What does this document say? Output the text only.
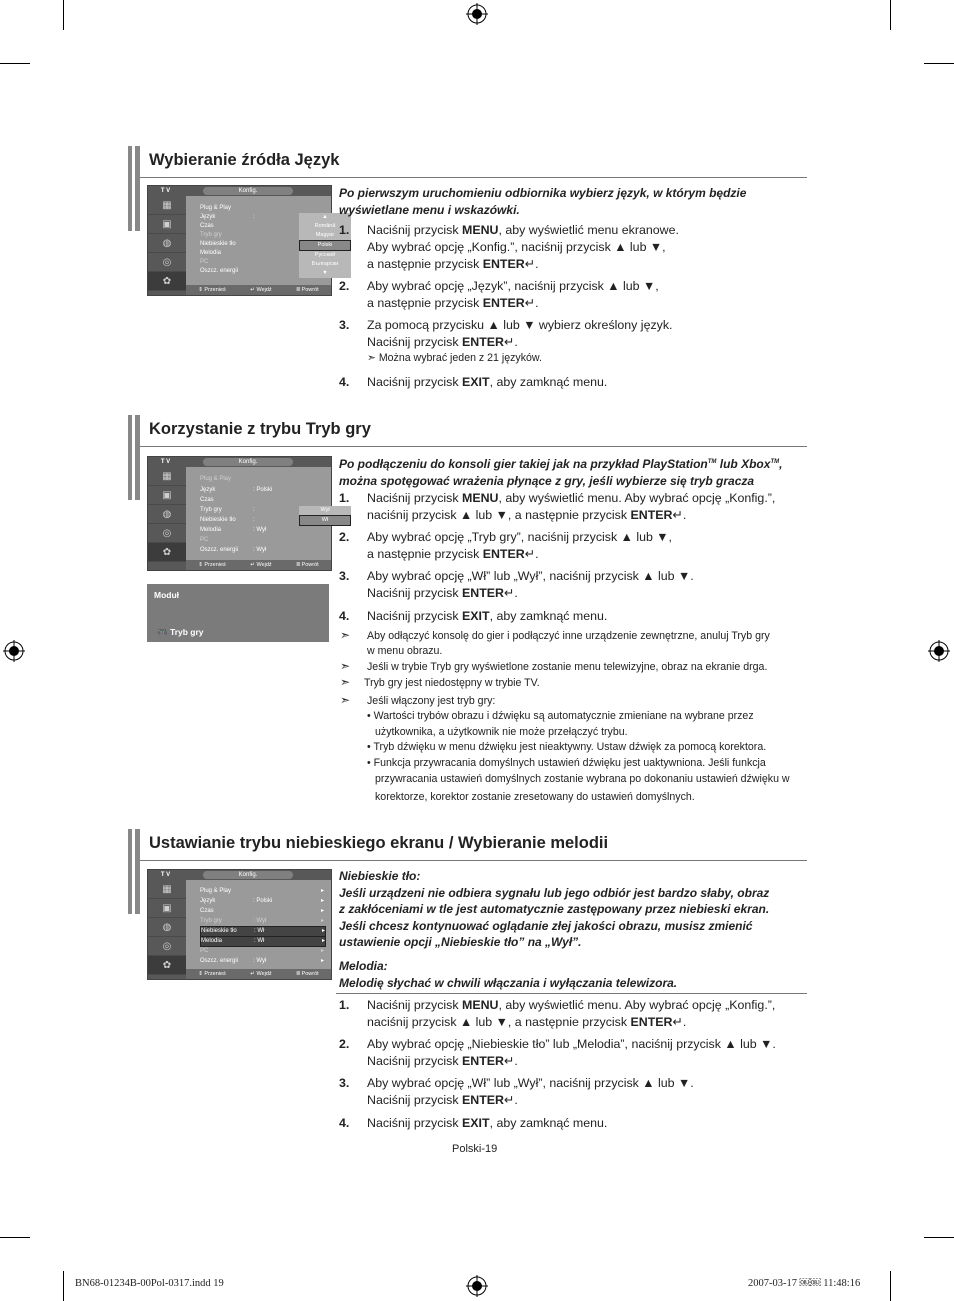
Wybieranie źródła Język
T V	Konfig.
▦
▣
◍
◎
✿
Plug & Play
Język	:
Czas
Tryb gry
Niebieskie tło
Melodia
PC
Oszcz. energii
▲
Română
Magyar
Polski
Русский
Български
▼
⇕ Przenieś	↵ Wejdź	Ⅲ Powrót
Po pierwszym uruchomieniu odbiornika wybierz język, w którym będzie
wyświetlane menu i wskazówki.
1. Naciśnij przycisk MENU, aby wyświetlić menu ekranowe.
Aby wybrać opcję „Konfig.”, naciśnij przycisk ▲ lub ▼,
a następnie przycisk ENTER↵.
2. Aby wybrać opcję „Język”, naciśnij przycisk ▲ lub ▼,
a następnie przycisk ENTER↵.
3. Za pomocą przycisku ▲ lub ▼ wybierz określony język.
Naciśnij przycisk ENTER↵.
➣ Można wybrać jeden z 21 języków.
4. Naciśnij przycisk EXIT, aby zamknąć menu.
Korzystanie z trybu Tryb gry
T V	Konfig.
▦
▣
◍
◎
✿
Plug & Play
Język	: Polski
Czas
Tryb gry	:
Niebieskie tło	:
Melodia	: Wył
PC
Oszcz. energii : Wył
Wył
Wł
⇕ Przenieś	↵ Wejdź	Ⅲ Powrót
Moduł
🎮 Tryb gry
Po podłączeniu do konsoli gier takiej jak na przykład PlayStation™ lub Xbox™,
można spotęgować wrażenia płynące z gry, jeśli wybierze się tryb gracza
1. Naciśnij przycisk MENU, aby wyświetlić menu. Aby wybrać opcję „Konfig.”,
naciśnij przycisk ▲ lub ▼, a następnie przycisk ENTER↵.
2. Aby wybrać opcję „Tryb gry”, naciśnij przycisk ▲ lub ▼,
a następnie przycisk ENTER↵.
3. Aby wybrać opcję „Wł” lub „Wył”, naciśnij przycisk ▲ lub ▼.
Naciśnij przycisk ENTER↵.
4. Naciśnij przycisk EXIT, aby zamknąć menu.
➣ Aby odłączyć konsolę do gier i podłączyć inne urządzenie zewnętrzne, anuluj Tryb gry
w menu obrazu.
➣ Jeśli w trybie Tryb gry wyświetlone zostanie menu telewizyjne, obraz na ekranie drga.
➣ Tryb gry jest niedostępny w trybie TV.
➣ Jeśli włączony jest tryb gry:
• Wartości trybów obrazu i dźwięku są automatycznie zmieniane na wybrane przez
użytkownika, a użytkownik nie może przełączyć trybu.
• Tryb dźwięku w menu dźwięku jest nieaktywny. Ustaw dźwięk za pomocą korektora.
• Funkcja przywracania domyślnych ustawień dźwięku jest uaktywniona. Jeśli funkcja
przywracania ustawień domyślnych zostanie wybrana po dokonaniu ustawień dźwięku w
korektorze, korektor zostanie zresetowany do ustawień domyślnych.
Ustawianie trybu niebieskiego ekranu / Wybieranie melodii
T V	Konfig.
▦
▣
◍
◎
✿
Plug & Play	▸
Język	: Polski	▸
Czas	▸
Tryb gry	: Wył	▸
Niebieskie tło	: Wł	▸
Melodia	: Wł	▸
PC	▸
Oszcz. energii : Wył	▸
⇕ Przenieś	↵ Wejdź	Ⅲ Powrót
Niebieskie tło:
Jeśli urządzeni nie odbiera sygnału lub jego odbiór jest bardzo słaby, obraz
z zakłóceniami w tle jest automatycznie zastępowany przez niebieski ekran.
Jeśli chcesz kontynuować oglądanie złej jakości obrazu, musisz zmienić
ustawienie opcji „Niebieskie tło” na „Wył”.
Melodia:
Melodię słychać w chwili włączania i wyłączania telewizora.
1. Naciśnij przycisk MENU, aby wyświetlić menu. Aby wybrać opcję „Konfig.”,
naciśnij przycisk ▲ lub ▼, a następnie przycisk ENTER↵.
2. Aby wybrać opcję „Niebieskie tło” lub „Melodia”, naciśnij przycisk ▲ lub ▼.
Naciśnij przycisk ENTER↵.
3. Aby wybrać opcję „Wł” lub „Wył”, naciśnij przycisk ▲ lub ▼.
Naciśnij przycisk ENTER↵.
4. Naciśnij przycisk EXIT, aby zamknąć menu.
Polski-19
BN68-01234B-00Pol-0317.indd 19	2007-03-17 ￼￼ 11:48:16
